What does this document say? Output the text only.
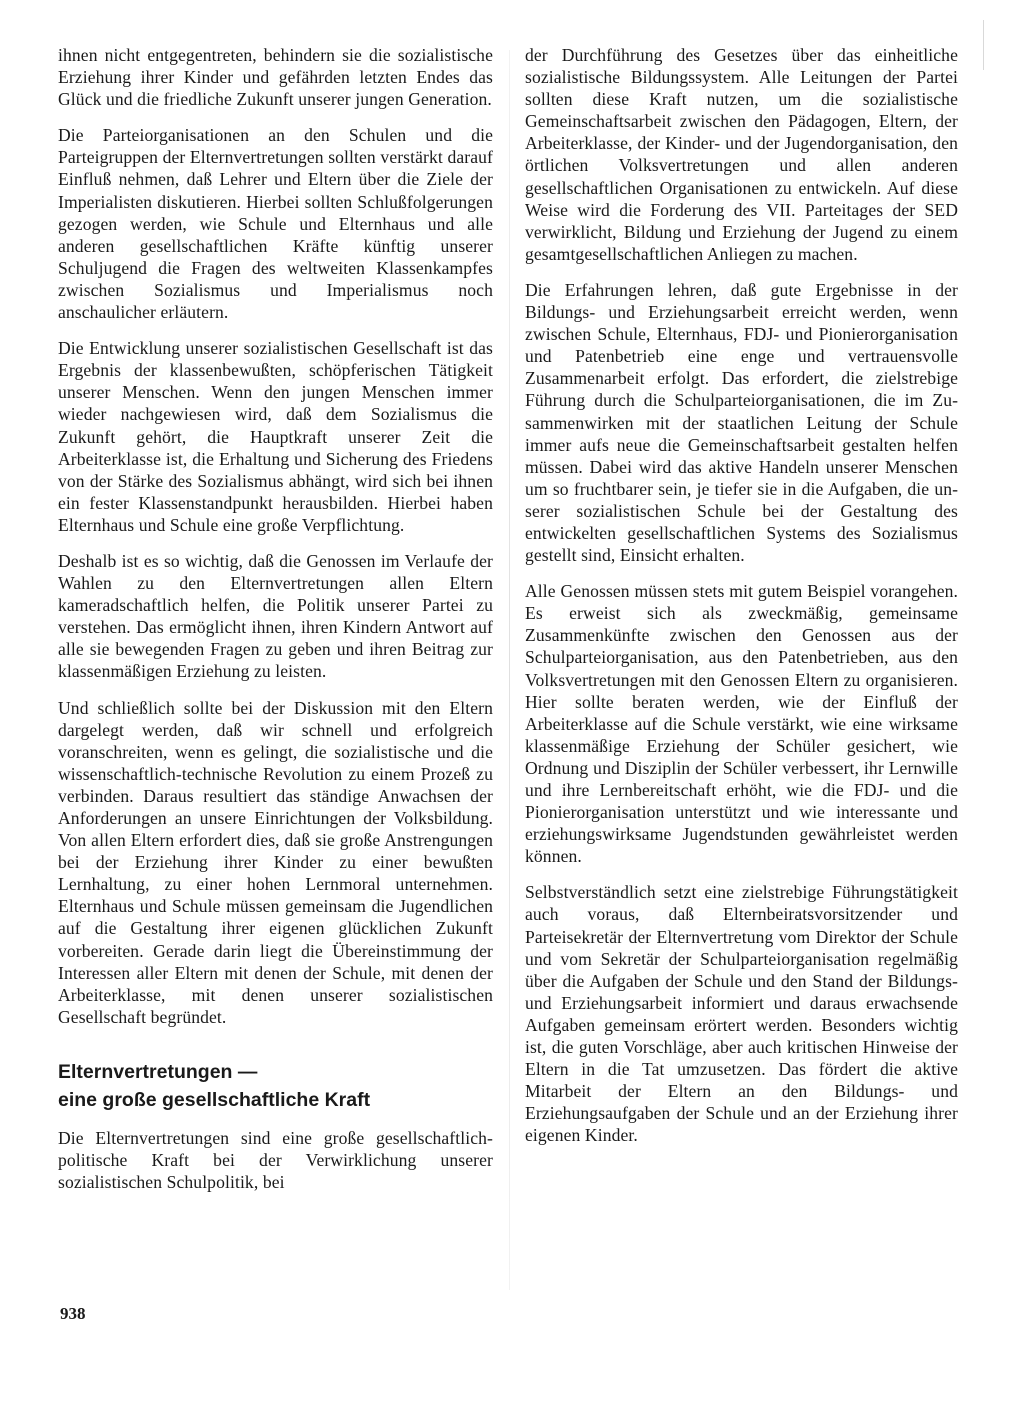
ihnen nicht entgegentreten, behindern sie die sozialistische Erziehung ihrer Kinder und gefährden letzten Endes das Glück und die friedliche Zukunft unserer jungen Generation.

Die Parteiorganisationen an den Schulen und die Parteigruppen der Elternvertretungen sollten verstärkt darauf Einfluß nehmen, daß Lehrer und Eltern über die Ziele der Imperialisten diskutieren. Hierbei sollten Schlußfolgerungen gezogen werden, wie Schule und Elternhaus und alle anderen gesellschaftlichen Kräfte künftig unserer Schuljugend die Fragen des weltweiten Klassenkampfes zwischen Sozialismus und Imperialismus noch anschaulicher erläutern.

Die Entwicklung unserer sozialistischen Gesellschaft ist das Ergebnis der klassenbewußten, schöpferischen Tätigkeit unserer Menschen. Wenn den jungen Menschen immer wieder nachgewiesen wird, daß dem Sozialismus die Zukunft gehört, die Hauptkraft unserer Zeit die Arbeiterklasse ist, die Erhaltung und Sicherung des Friedens von der Stärke des Sozialismus abhängt, wird sich bei ihnen ein fester Klassenstandpunkt herausbilden. Hierbei haben Elternhaus und Schule eine große Verpflichtung.

Deshalb ist es so wichtig, daß die Genossen im Verlaufe der Wahlen zu den Elternvertretungen allen Eltern kameradschaftlich helfen, die Politik unserer Partei zu verstehen. Das ermöglicht ihnen, ihren Kindern Antwort auf alle sie bewegenden Fragen zu geben und ihren Beitrag zur klassenmäßigen Erziehung zu leisten.

Und schließlich sollte bei der Diskussion mit den Eltern dargelegt werden, daß wir schnell und erfolgreich voranschreiten, wenn es gelingt, die sozialistische und die wissenschaftlich-technische Revolution zu einem Prozeß zu verbinden. Daraus resultiert das ständige Anwachsen der Anforderungen an unsere Einrichtungen der Volksbildung. Von allen Eltern erfordert dies, daß sie große Anstrengungen bei der Erziehung ihrer Kinder zu einer bewußten Lernhaltung, zu einer hohen Lernmoral unternehmen. Elternhaus und Schule müssen gemeinsam die Jugendlichen auf die Gestaltung ihrer eigenen glücklichen Zukunft vorbereiten. Gerade darin liegt die Übereinstimmung der Interessen aller Eltern mit denen der Schule, mit denen der Arbeiterklasse, mit denen unserer sozialistischen Gesellschaft begründet.

Elternvertretungen —
eine große gesellschaftliche Kraft

Die Elternvertretungen sind eine große gesellschaftlich-politische Kraft bei der Verwirklichung unserer sozialistischen Schulpolitik, bei

der Durchführung des Gesetzes über das einheitliche sozialistische Bildungssystem. Alle Leitungen der Partei sollten diese Kraft nutzen, um die sozialistische Gemeinschaftsarbeit zwischen den Pädagogen, Eltern, der Arbeiterklasse, der Kinder- und der Jugendorganisation, den örtlichen Volksvertretungen und allen anderen gesellschaftlichen Organisationen zu entwickeln. Auf diese Weise wird die Forderung des VII. Parteitages der SED verwirklicht, Bildung und Erziehung der Jugend zu einem gesamtgesellschaftlichen Anliegen zu machen.

Die Erfahrungen lehren, daß gute Ergebnisse in der Bildungs- und Erziehungsarbeit erreicht werden, wenn zwischen Schule, Elternhaus, FDJ- und Pionierorganisation und Patenbetrieb eine enge und vertrauensvolle Zusammenarbeit erfolgt. Das erfordert, die zielstrebige Führung durch die Schulparteiorganisationen, die im Zusammenwirken mit der staatlichen Leitung der Schule immer aufs neue die Gemeinschaftsarbeit gestalten helfen müssen. Dabei wird das aktive Handeln unserer Menschen um so fruchtbarer sein, je tiefer sie in die Aufgaben, die unserer sozialistischen Schule bei der Gestaltung des entwickelten gesellschaftlichen Systems des Sozialismus gestellt sind, Einsicht erhalten.

Alle Genossen müssen stets mit gutem Beispiel vorangehen. Es erweist sich als zweckmäßig, gemeinsame Zusammenkünfte zwischen den Genossen aus der Schulparteiorganisation, aus den Patenbetrieben, aus den Volksvertretungen mit den Genossen Eltern zu organisieren. Hier sollte beraten werden, wie der Einfluß der Arbeiterklasse auf die Schule verstärkt, wie eine wirksame klassenmäßige Erziehung der Schüler gesichert, wie Ordnung und Disziplin der Schüler verbessert, ihr Lernwille und ihre Lernbereitschaft erhöht, wie die FDJ- und die Pionierorganisation unterstützt und wie interessante und erziehungswirksame Jugendstunden gewährleistet werden können.

Selbstverständlich setzt eine zielstrebige Führungstätigkeit auch voraus, daß Elternbeiratsvorsitzender und Parteisekretär der Elternvertretung vom Direktor der Schule und vom Sekretär der Schulparteiorganisation regelmäßig über die Aufgaben der Schule und den Stand der Bildungs- und Erziehungsarbeit informiert und daraus erwachsende Aufgaben gemeinsam erörtert werden. Besonders wichtig ist, die guten Vorschläge, aber auch kritischen Hinweise der Eltern in die Tat umzusetzen. Das fördert die aktive Mitarbeit der Eltern an den Bildungs- und Erziehungsaufgaben der Schule und an der Erziehung ihrer eigenen Kinder.

938
